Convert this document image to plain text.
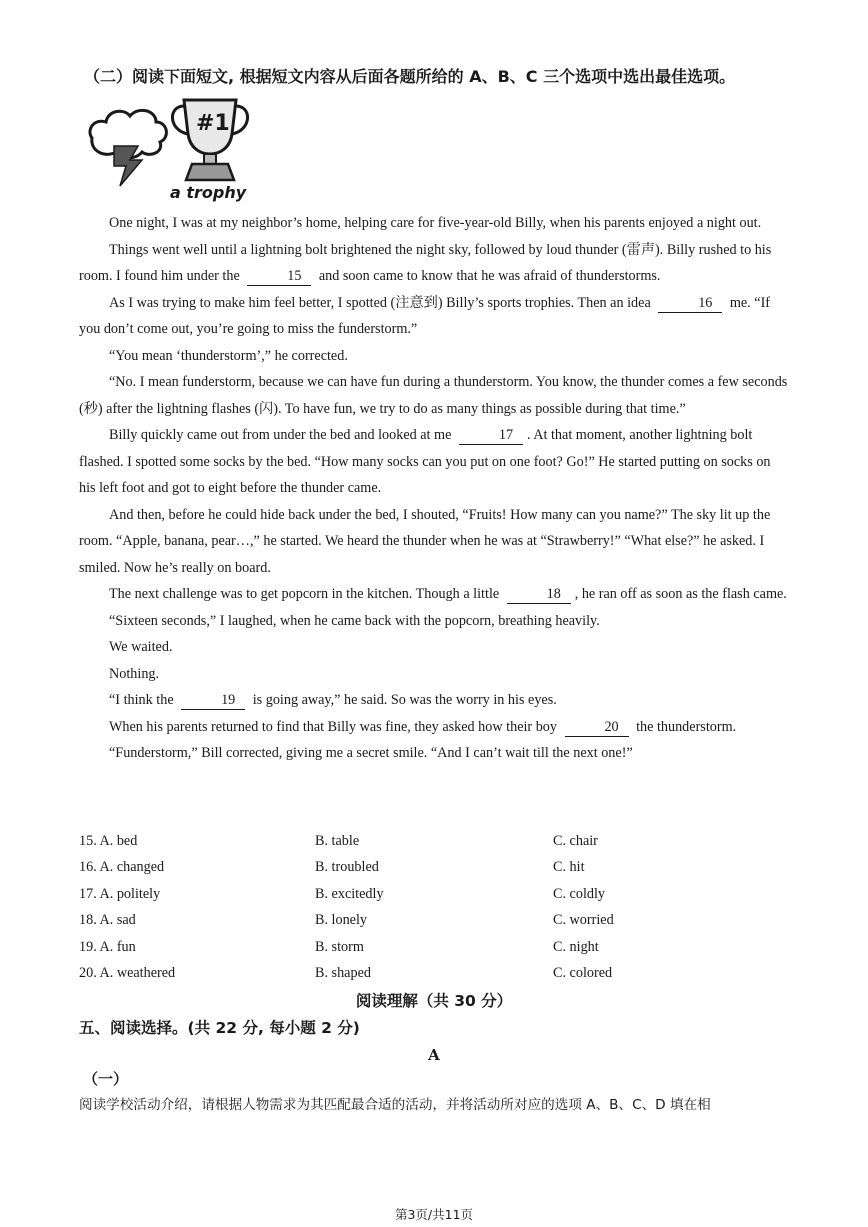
（二）阅读下面短文, 根据短文内容从后面各题所给的 A、B、C 三个选项中选出最佳选项。
#1
a trophy

One night, I was at my neighbor’s home, helping care for five-year-old Billy, when his parents enjoyed a night out.

Things went well until a lightning bolt brightened the night sky, followed by loud thunder (雷声). Billy rushed to his room. I found him under the	15 and soon came to know that he was afraid of thunderstorms.

As I was trying to make him feel better, I spotted (注意到) Billy’s sports trophies. Then an idea	16 me. “If you don’t come out, you’re going to miss the funderstorm.”

“You mean ‘thunderstorm’,” he corrected.

“No. I mean funderstorm, because we can have fun during a thunderstorm. You know, the thunder comes a few seconds (秒) after the lightning flashes (闪). To have fun, we try to do as many things as possible during that time.”

Billy quickly came out from under the bed and looked at me	17 . At that moment, another lightning bolt flashed. I spotted some socks by the bed. “How many socks can you put on one foot? Go!” He started putting on socks on his left foot and got to eight before the thunder came.

And then, before he could hide back under the bed, I shouted, “Fruits! How many can you name?” The sky lit up the room. “Apple, banana, pear…,” he started. We heard the thunder when he was at “Strawberry!” “What else?” he asked. I smiled. Now he’s really on board.

The next challenge was to get popcorn in the kitchen. Though a little	18 , he ran off as soon as the flash came.

“Sixteen seconds,” I laughed, when he came back with the popcorn, breathing heavily.

We waited.

Nothing.

“I think the	19 is going away,” he said. So was the worry in his eyes.

When his parents returned to find that Billy was fine, they asked how their boy	20 the thunderstorm.

“Funderstorm,” Bill corrected, giving me a secret smile. “And I can’t wait till the next one!”

15. A. bed	B. table	C. chair
16. A. changed	B. troubled	C. hit
17. A. politely	B. excitedly	C. coldly
18. A. sad	B. lonely	C. worried
19. A. fun	B. storm	C. night
20. A. weathered	B. shaped	C. colored
阅读理解（共 30 分）
五、阅读选择。(共 22 分, 每小题 2 分)
A
（一）
阅读学校活动介绍，请根据人物需求为其匹配最合适的活动，并将活动所对应的选项 A、B、C、D 填在相
第3页/共11页
